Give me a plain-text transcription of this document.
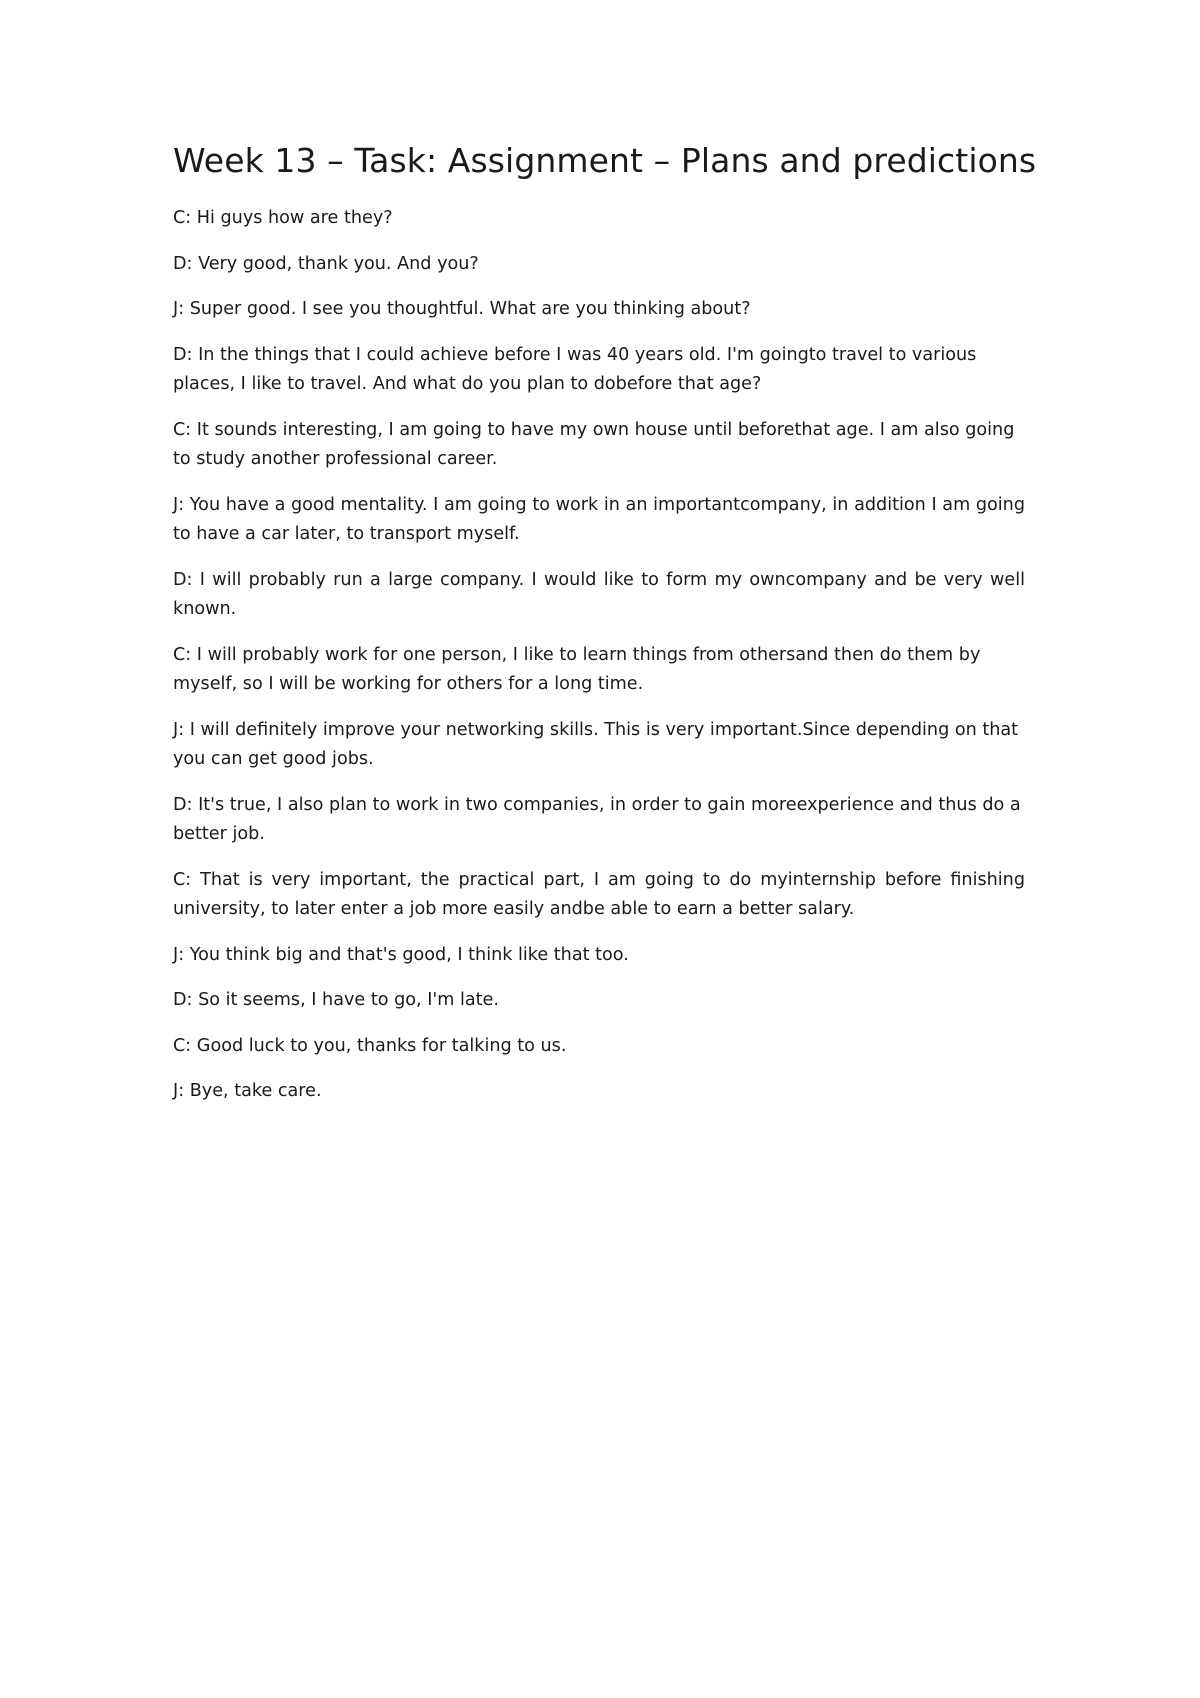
Week 13 – Task: Assignment – Plans and predictions

C: Hi guys how are they?

D: Very good, thank you. And you?

J: Super good. I see you thoughtful. What are you thinking about?

D: In the things that I could achieve before I was 40 years old. I'm goingto travel to various places, I like to travel. And what do you plan to dobefore that age?

C: It sounds interesting, I am going to have my own house until beforethat age. I am also going to study another professional career.

J: You have a good mentality. I am going to work in an importantcompany, in addition I am going to have a car later, to transport myself.

D: I will probably run a large company. I would like to form my owncompany and be very well known.

C: I will probably work for one person, I like to learn things from othersand then do them by myself, so I will be working for others for a long time.

J: I will definitely improve your networking skills. This is very important.Since depending on that you can get good jobs.

D: It's true, I also plan to work in two companies, in order to gain moreexperience and thus do a better job.

C: That is very important, the practical part, I am going to do myinternship before finishing university, to later enter a job more easily andbe able to earn a better salary.

J: You think big and that's good, I think like that too.

D: So it seems, I have to go, I'm late.

C: Good luck to you, thanks for talking to us.

J: Bye, take care.
